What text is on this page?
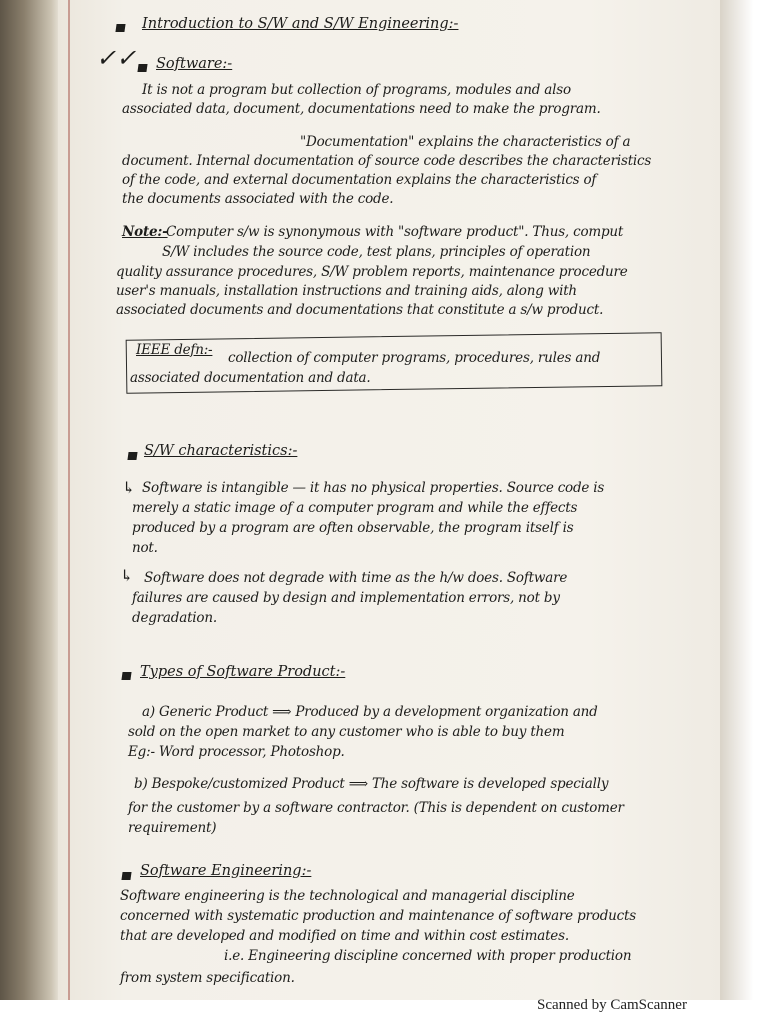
Introduction to S/W and S/W Engineering:-

✓✓ Software:-

It is not a program but collection of programs, modules and also

associated data, document, documentations need to make the program.

"Documentation" explains the characteristics of a

document. Internal documentation of source code describes the characteristics

of the code, and external documentation explains the characteristics of

the documents associated with the code.

Note:-

Computer s/w is synonymous with "software product". Thus, comput

S/W includes the source code, test plans, principles of operation

quality assurance procedures, S/W problem reports, maintenance procedure

user's manuals, installation instructions and training aids, along with

associated documents and documentations that constitute a s/w product.

IEEE defn:- collection of computer programs, procedures, rules and

associated documentation and data.

S/W characteristics:-

↳ Software is intangible — it has no physical properties. Source code is

merely a static image of a computer program and while the effects

produced by a program are often observable, the program itself is

not.

↳ Software does not degrade with time as the h/w does. Software

failures are caused by design and implementation errors, not by

degradation.

Types of Software Product:-

a) Generic Product ⟹ Produced by a development organization and

sold on the open market to any customer who is able to buy them

Eg:- Word processor, Photoshop.

b) Bespoke/customized Product ⟹ The software is developed specially

for the customer by a software contractor. (This is dependent on customer

requirement)

Software Engineering:-

Software engineering is the technological and managerial discipline

concerned with systematic production and maintenance of software products

that are developed and modified on time and within cost estimates.

i.e. Engineering discipline concerned with proper production

from system specification.

Scanned by CamScanner
